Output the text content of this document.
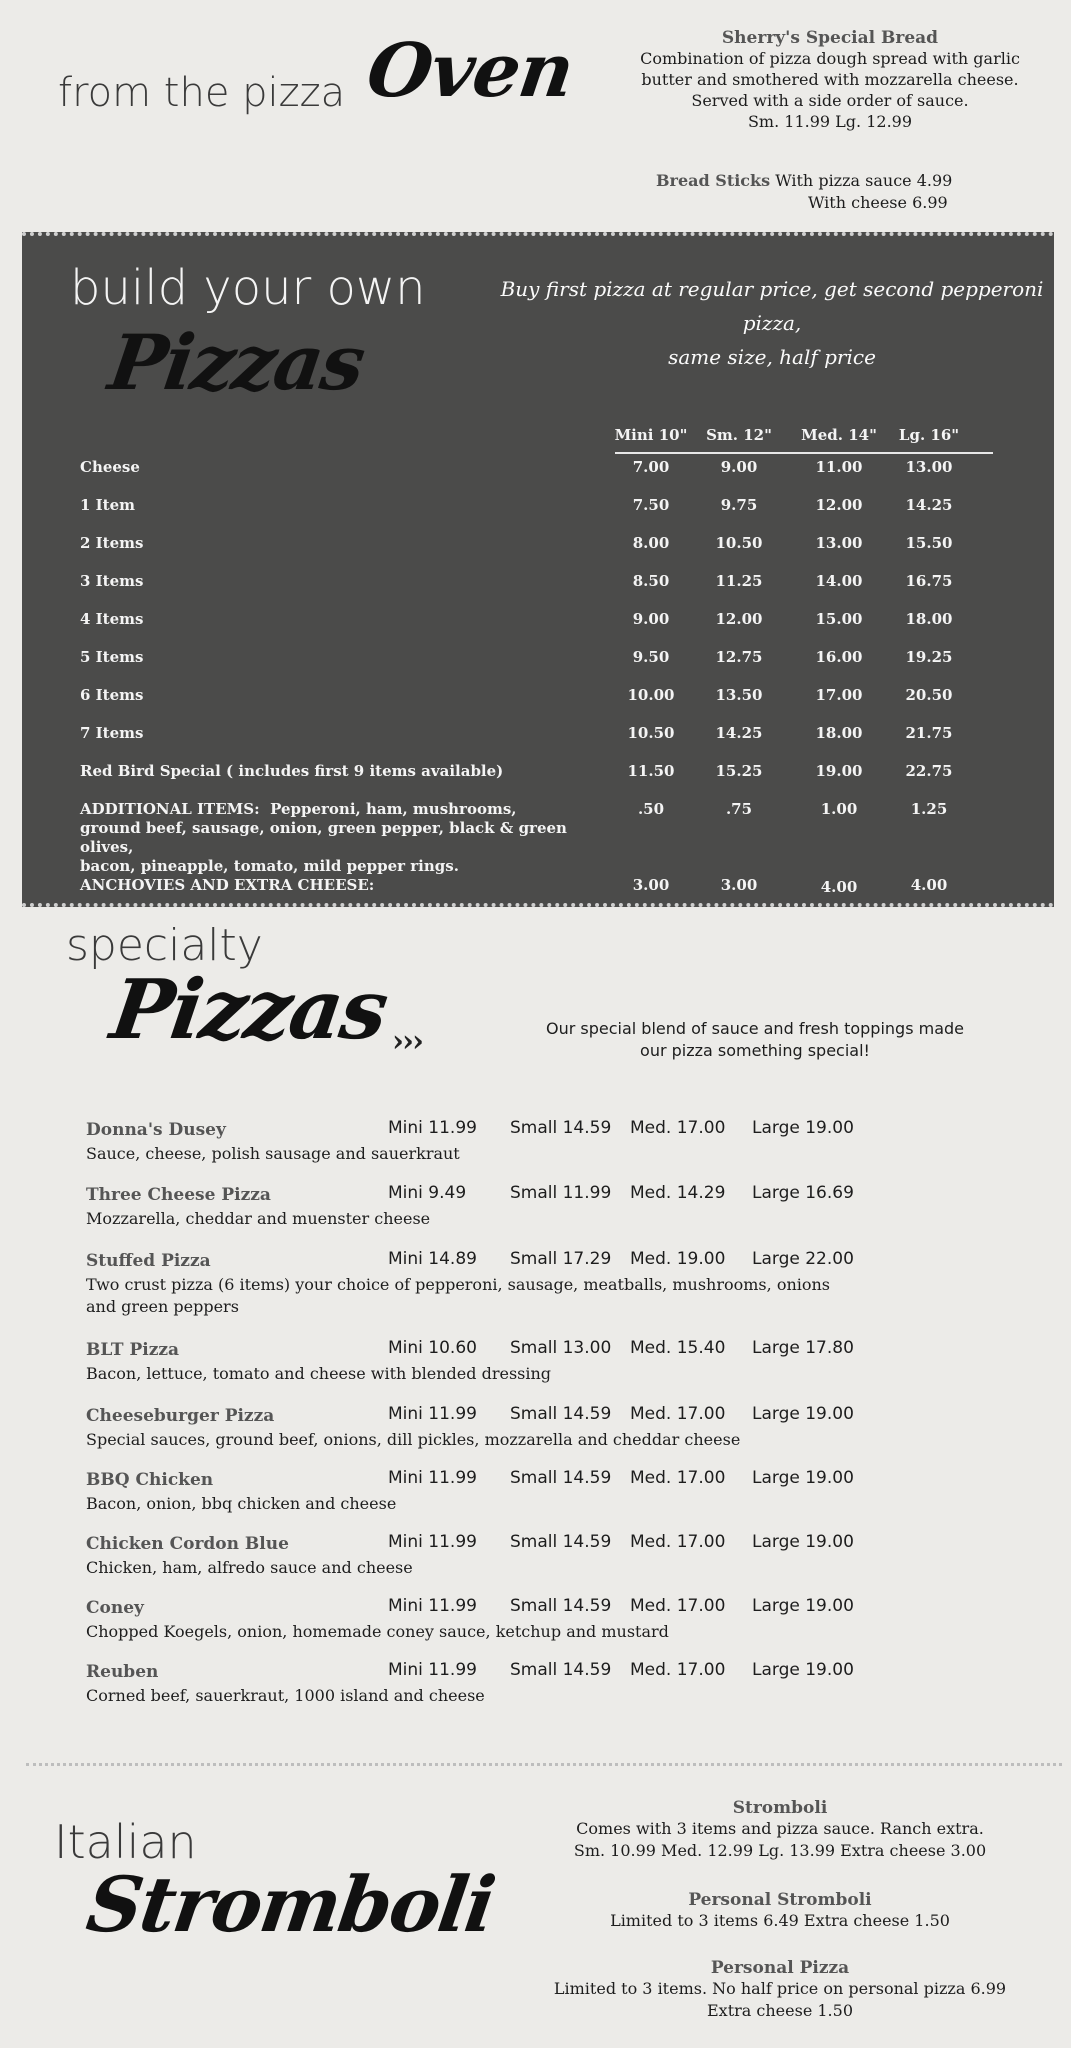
from the pizza Oven	Sherry's Special Bread
Combination of pizza dough spread with garlic
butter and smothered with mozzarella cheese.
Served with a side order of sauce.
Sm. 11.99 Lg. 12.99
Bread Sticks With pizza sauce 4.99
With cheese 6.99
build your own
Pizzas
Buy first pizza at regular price, get second pepperoni pizza,
same size, half price
Mini 10"	Sm. 12"	Med. 14"	Lg. 16"
Cheese	7.00	9.00	11.00	13.00
1 Item	7.50	9.75	12.00	14.25
2 Items	8.00	10.50	13.00	15.50
3 Items	8.50	11.25	14.00	16.75
4 Items	9.00	12.00	15.00	18.00
5 Items	9.50	12.75	16.00	19.25
6 Items	10.00	13.50	17.00	20.50
7 Items	10.50	14.25	18.00	21.75
Red Bird Special ( includes first 9 items available)	11.50	15.25	19.00	22.75
ADDITIONAL ITEMS: Pepperoni, ham, mushrooms,
ground beef, sausage, onion, green pepper, black & green olives,
bacon, pineapple, tomato, mild pepper rings.
.50	.75	1.00	1.25
ANCHOVIES AND EXTRA CHEESE:	3.00	3.00	4.00	4.00
specialty
Pizzas ›››	Our special blend of sauce and fresh toppings made
our pizza something special!
Donna's Dusey	Mini 11.99 Small 14.59 Med. 17.00 Large 19.00
Sauce, cheese, polish sausage and sauerkraut
Three Cheese Pizza	Mini 9.49	Small 11.99 Med. 14.29 Large 16.69
Mozzarella, cheddar and muenster cheese
Stuffed Pizza	Mini 14.89 Small 17.29 Med. 19.00 Large 22.00
Two crust pizza (6 items) your choice of pepperoni, sausage, meatballs, mushrooms, onions
and green peppers
BLT Pizza	Mini 10.60 Small 13.00 Med. 15.40 Large 17.80
Bacon, lettuce, tomato and cheese with blended dressing
Cheeseburger Pizza	Mini 11.99 Small 14.59 Med. 17.00 Large 19.00
Special sauces, ground beef, onions, dill pickles, mozzarella and cheddar cheese
BBQ Chicken	Mini 11.99 Small 14.59 Med. 17.00 Large 19.00
Bacon, onion, bbq chicken and cheese
Chicken Cordon Blue	Mini 11.99 Small 14.59 Med. 17.00 Large 19.00
Chicken, ham, alfredo sauce and cheese
Coney	Mini 11.99 Small 14.59 Med. 17.00 Large 19.00
Chopped Koegels, onion, homemade coney sauce, ketchup and mustard
Reuben	Mini 11.99 Small 14.59 Med. 17.00 Large 19.00
Corned beef, sauerkraut, 1000 island and cheese
Italian
Stromboli
Stromboli
Comes with 3 items and pizza sauce. Ranch extra.
Sm. 10.99 Med. 12.99 Lg. 13.99 Extra cheese 3.00
Personal Stromboli
Limited to 3 items 6.49 Extra cheese 1.50
Personal Pizza
Limited to 3 items. No half price on personal pizza 6.99
Extra cheese 1.50
